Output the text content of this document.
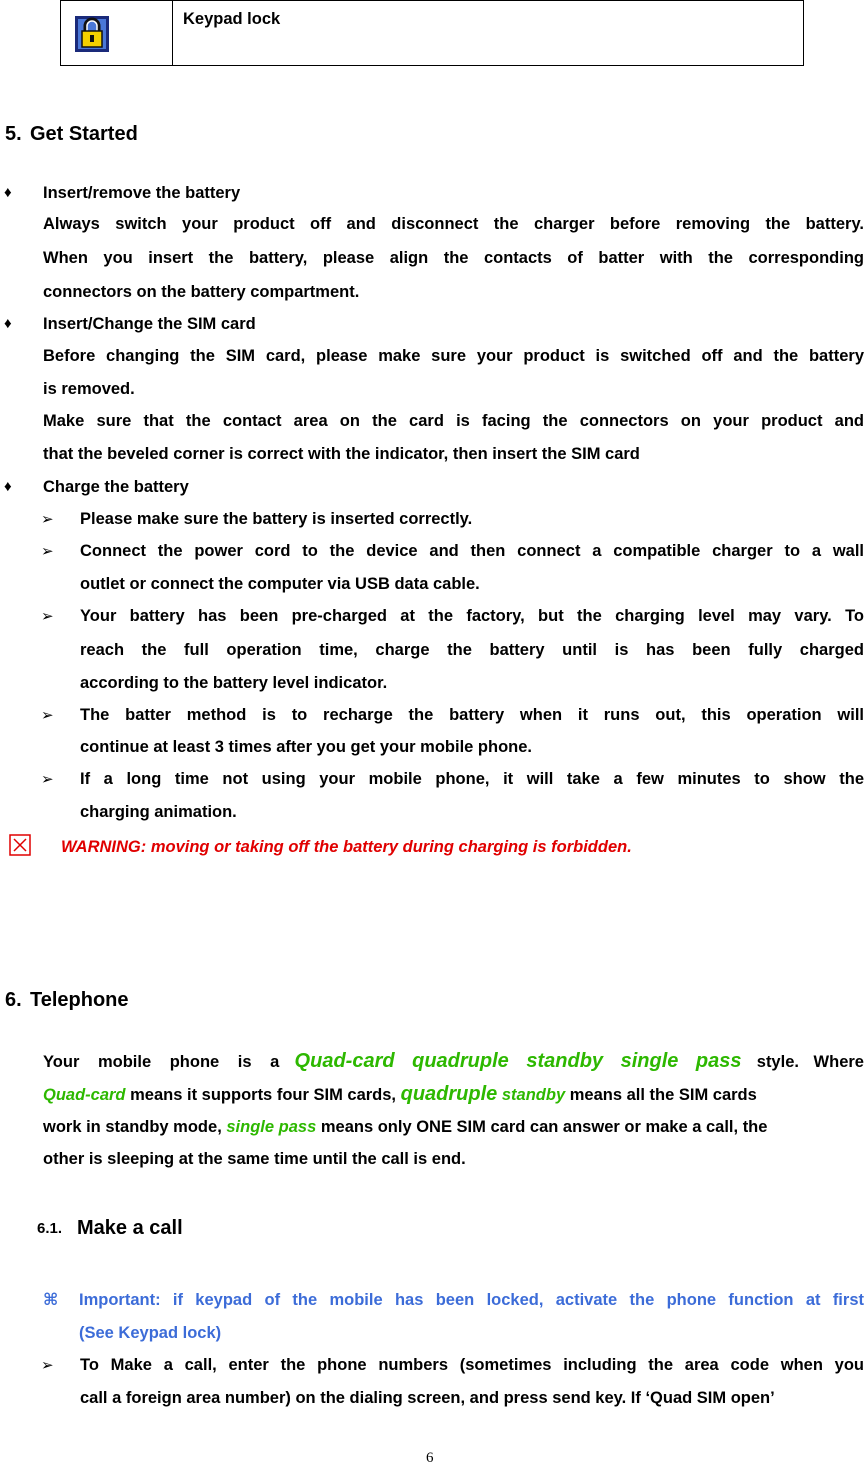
Keypad lock
5. Get Started
♦ Insert/remove the battery
Always switch your product off and disconnect the charger before removing the battery.
When you insert the battery, please align the contacts of batter with the corresponding
connectors on the battery compartment.
♦ Insert/Change the SIM card
Before changing the SIM card, please make sure your product is switched off and the battery
is removed.
Make sure that the contact area on the card is facing the connectors on your product and
that the beveled corner is correct with the indicator, then insert the SIM card
♦ Charge the battery
➢ Please make sure the battery is inserted correctly.
➢ Connect the power cord to the device and then connect a compatible charger to a wall
outlet or connect the computer via USB data cable.
➢ Your battery has been pre-charged at the factory, but the charging level may vary. To
reach the full operation time, charge the battery until is has been fully charged
according to the battery level indicator.
➢ The batter method is to recharge the battery when it runs out, this operation will
continue at least 3 times after you get your mobile phone.
➢ If a long time not using your mobile phone, it will take a few minutes to show the
charging animation.
WARNING: moving or taking off the battery during charging is forbidden.
6. Telephone
Your mobile phone is a Quad-card quadruple standby single pass style. Where
Quad-card means it supports four SIM cards, quadruple standby means all the SIM cards
work in standby mode, single pass means only ONE SIM card can answer or make a call, the
other is sleeping at the same time until the call is end.
6.1. Make a call
⌘ Important: if keypad of the mobile has been locked, activate the phone function at first
(See Keypad lock)
➢ To Make a call, enter the phone numbers (sometimes including the area code when you
call a foreign area number) on the dialing screen, and press send key. If ‘Quad SIM open’
6
